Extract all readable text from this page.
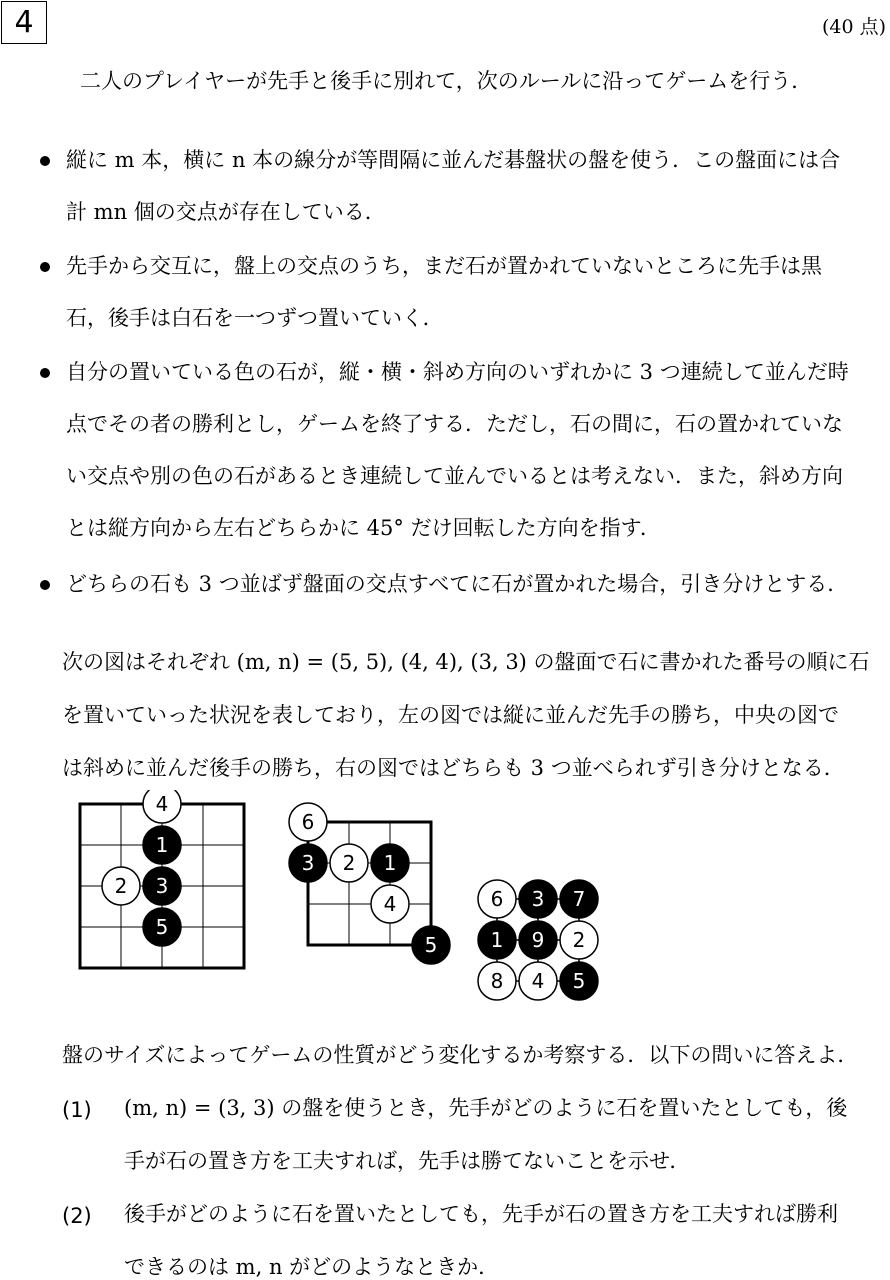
4	(40 点)
二人のプレイヤーが先手と後手に別れて，次のルールに沿ってゲームを行う．
縦に m 本，横に n 本の線分が等間隔に並んだ碁盤状の盤を使う．この盤面には合
計 mn 個の交点が存在している．
先手から交互に，盤上の交点のうち，まだ石が置かれていないところに先手は黒
石，後手は白石を一つずつ置いていく．
自分の置いている色の石が，縦・横・斜め方向のいずれかに 3 つ連続して並んだ時
点でその者の勝利とし，ゲームを終了する．ただし，石の間に，石の置かれていな
い交点や別の色の石があるとき連続して並んでいるとは考えない．また，斜め方向
とは縦方向から左右どちらかに 45° だけ回転した方向を指す．
どちらの石も 3 つ並ばず盤面の交点すべてに石が置かれた場合，引き分けとする．
次の図はそれぞれ (m, n) = (5, 5), (4, 4), (3, 3) の盤面で石に書かれた番号の順に石
を置いていった状況を表しており，左の図では縦に並んだ先手の勝ち，中央の図で
は斜めに並んだ後手の勝ち，右の図ではどちらも 3 つ並べられず引き分けとなる．
4
1
2 3
5
6
3 2 1
4
5
6 3 7
1 9 2
8 4 5
盤のサイズによってゲームの性質がどう変化するか考察する．以下の問いに答えよ．
(1) (m, n) = (3, 3) の盤を使うとき，先手がどのように石を置いたとしても，後
手が石の置き方を工夫すれば，先手は勝てないことを示せ．
(2) 後手がどのように石を置いたとしても，先手が石の置き方を工夫すれば勝利
できるのは m, n がどのようなときか．
